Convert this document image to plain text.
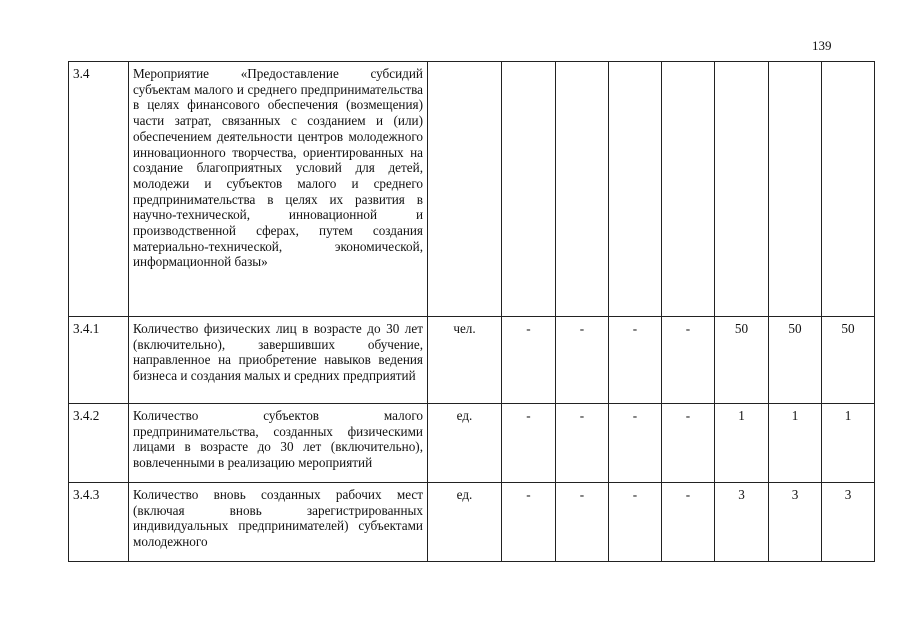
139
3.4	Мероприятие «Предоставление субсидий субъектам малого и среднего предпринимательства в целях финансового обеспечения (возмещения) части затрат, связанных с созданием и (или) обеспечением деятельности центров молодежного инновационного творчества, ориентированных на создание благоприятных условий для детей, молодежи и субъектов малого и среднего предпринимательства в целях их развития в научно-технической, инновационной и производственной сферах, путем создания материально-технической, экономической, информационной базы»								
3.4.1	Количество физических лиц в возрасте до 30 лет (включительно), завершивших обучение, направленное на приобретение навыков ведения бизнеса и создания малых и средних предприятий	чел.	-	-	-	-	50	50	50
3.4.2	Количество субъектов малого предпринимательства, созданных физическими лицами в возрасте до 30 лет (включительно), вовлеченными в реализацию мероприятий	ед.	-	-	-	-	1	1	1
3.4.3	Количество вновь созданных рабочих мест (включая вновь зарегистрированных индивидуальных предпринимателей) субъектами молодежного	ед.	-	-	-	-	3	3	3
